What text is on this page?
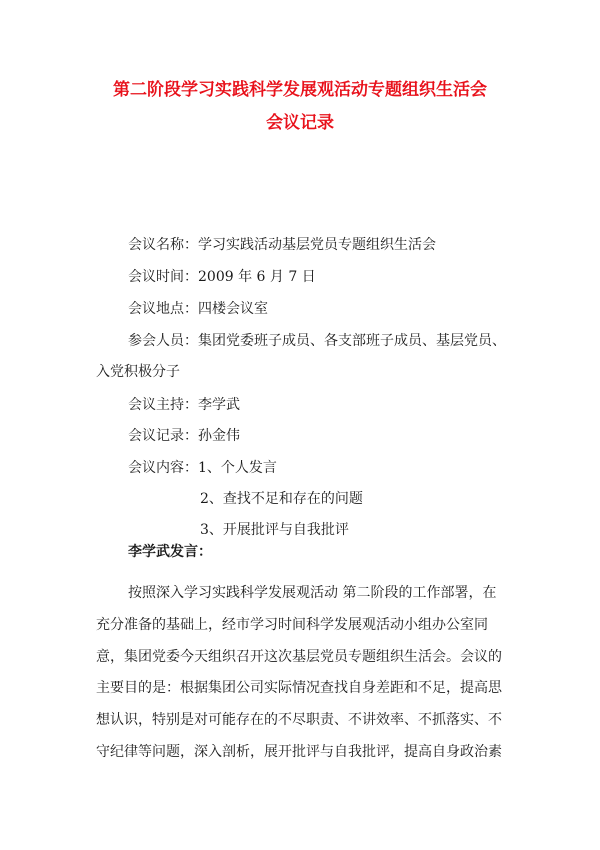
第二阶段学习实践科学发展观活动专题组织生活会
会议记录
会议名称：学习实践活动基层党员专题组织生活会
会议时间：2009 年 6 月 7 日
会议地点：四楼会议室
参会人员：集团党委班子成员、各支部班子成员、基层党员、
入党积极分子
会议主持：李学武
会议记录：孙金伟
会议内容：1、个人发言
2、查找不足和存在的问题
3、开展批评与自我批评
李学武发言：
按照深入学习实践科学发展观活动 第二阶段的工作部署，在
充分准备的基础上，经市学习时间科学发展观活动小组办公室同
意，集团党委今天组织召开这次基层党员专题组织生活会。会议的
主要目的是：根据集团公司实际情况查找自身差距和不足，提高思
想认识，特别是对可能存在的不尽职责、不讲效率、不抓落实、不
守纪律等问题，深入剖析，展开批评与自我批评，提高自身政治素
